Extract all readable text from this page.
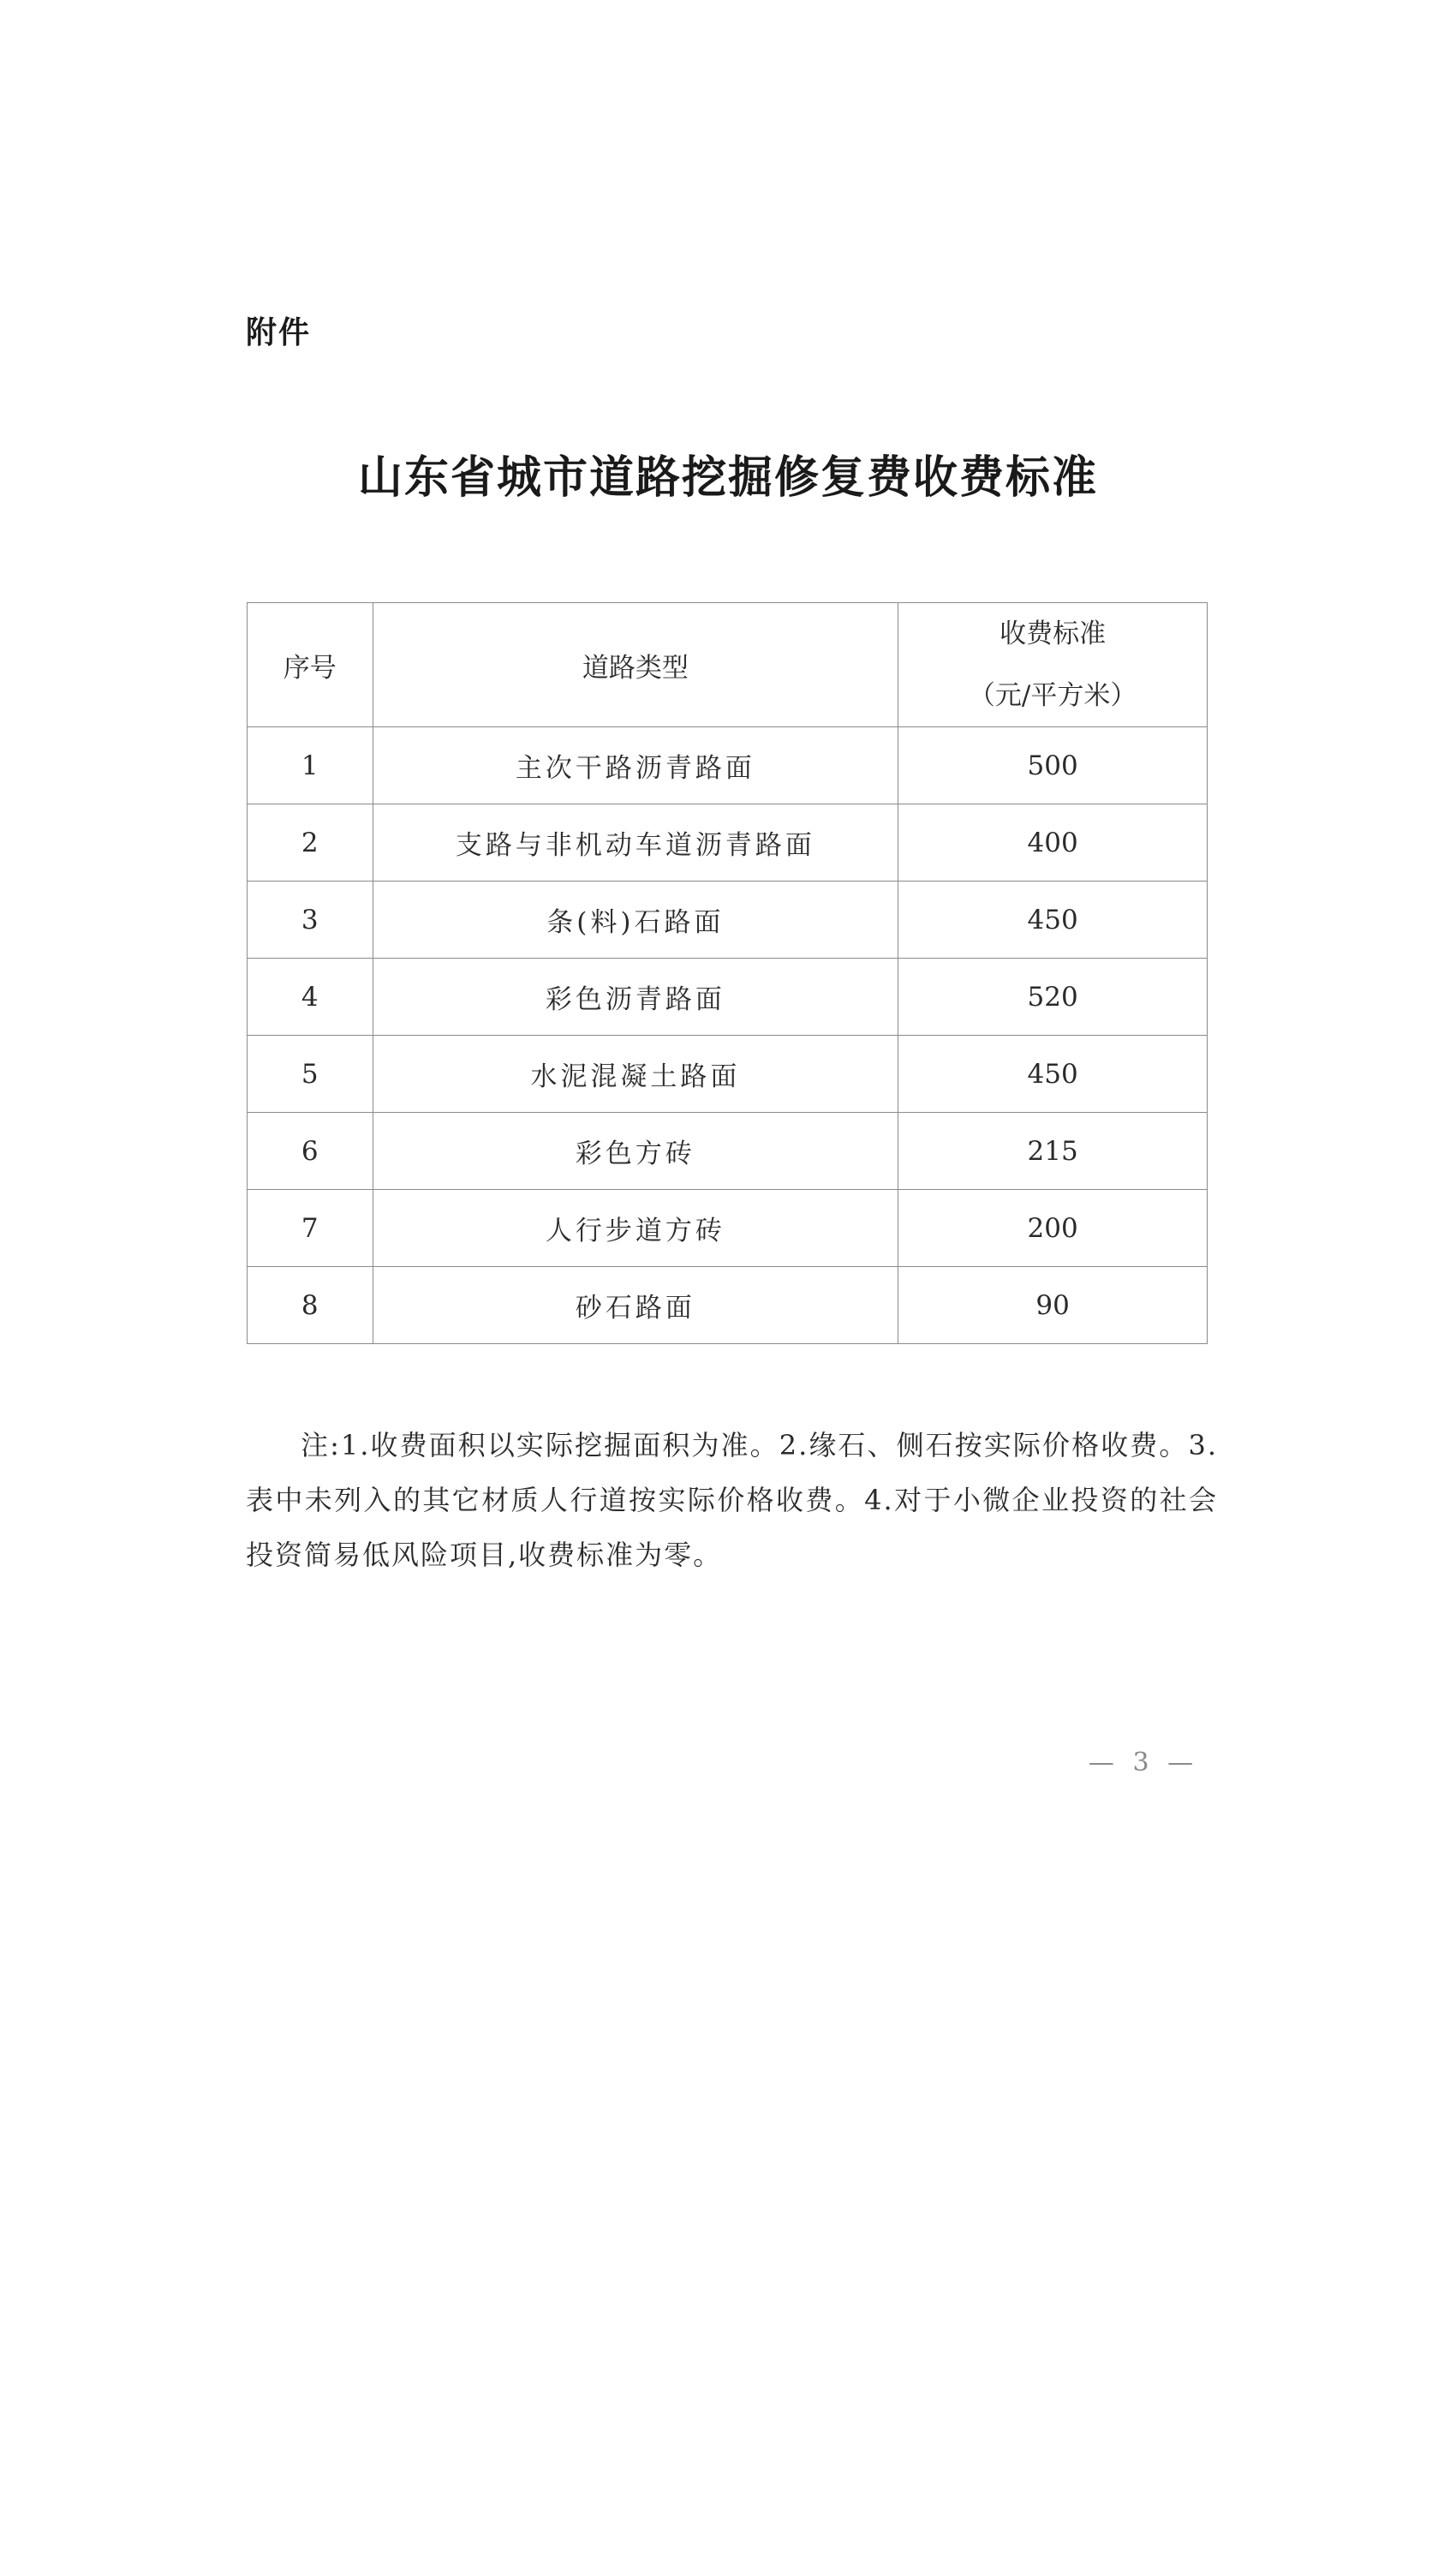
附件
山东省城市道路挖掘修复费收费标准
序号	道路类型	收费标准
（元/平方米）

1	主次干路沥青路面	500
2	支路与非机动车道沥青路面	400
3	条(料)石路面	450
4	彩色沥青路面	520
5	水泥混凝土路面	450
6	彩色方砖	215
7	人行步道方砖	200
8	砂石路面	90
注:1.收费面积以实际挖掘面积为准。2.缘石、侧石按实际价格收费。3.表中未列入的其它材质人行道按实际价格收费。4.对于小微企业投资的社会投资简易低风险项目,收费标准为零。
— 3 —
